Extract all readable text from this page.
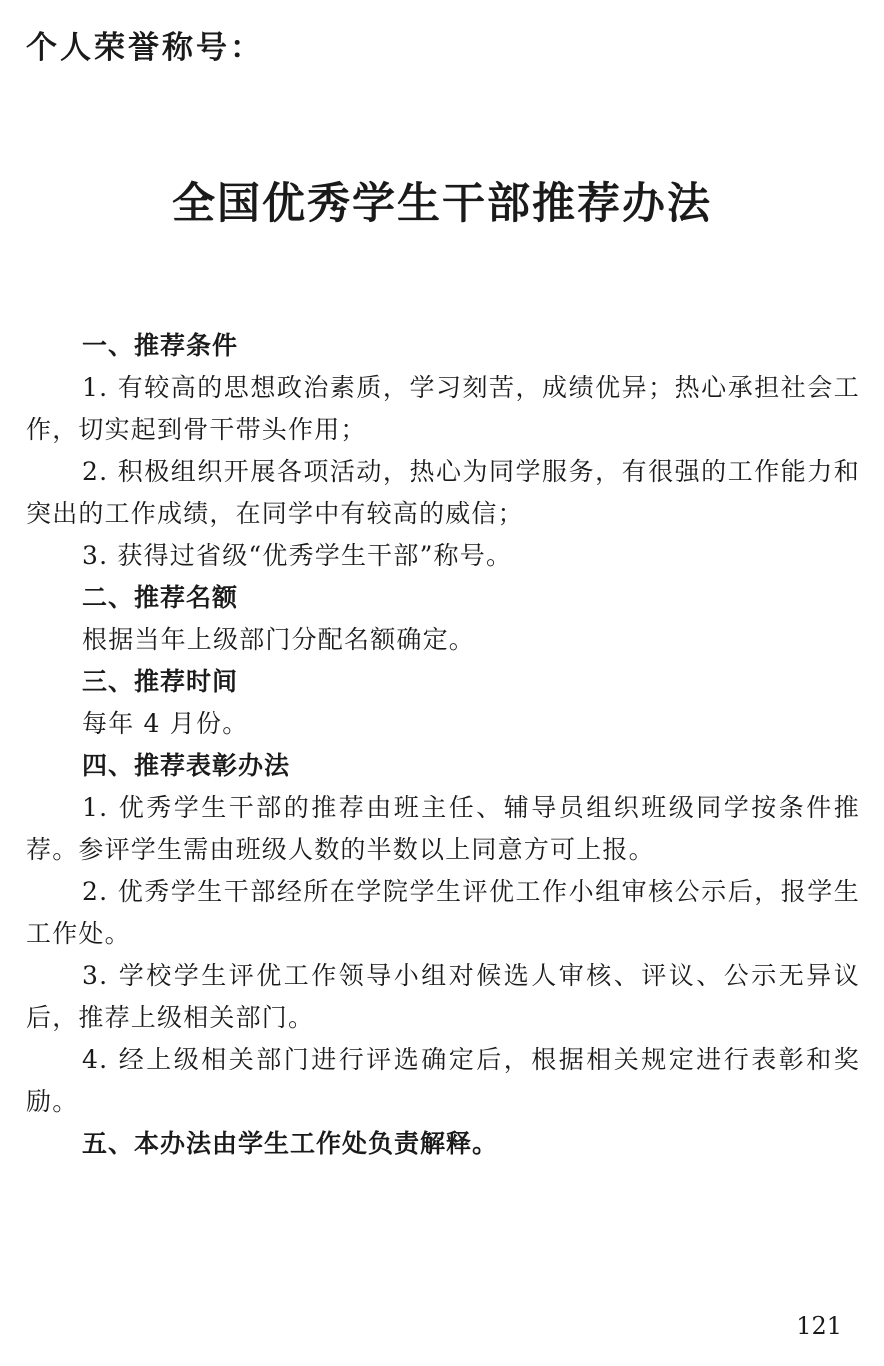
个人荣誉称号：
全国优秀学生干部推荐办法

一、推荐条件

1. 有较高的思想政治素质，学习刻苦，成绩优异；热心承担社会工作，切实起到骨干带头作用；

2. 积极组织开展各项活动，热心为同学服务，有很强的工作能力和突出的工作成绩，在同学中有较高的威信；

3. 获得过省级“优秀学生干部”称号。

二、推荐名额

根据当年上级部门分配名额确定。

三、推荐时间

每年 4 月份。

四、推荐表彰办法

1. 优秀学生干部的推荐由班主任、辅导员组织班级同学按条件推荐。参评学生需由班级人数的半数以上同意方可上报。

2. 优秀学生干部经所在学院学生评优工作小组审核公示后，报学生工作处。

3. 学校学生评优工作领导小组对候选人审核、评议、公示无异议后，推荐上级相关部门。

4. 经上级相关部门进行评选确定后，根据相关规定进行表彰和奖励。

五、本办法由学生工作处负责解释。

121
